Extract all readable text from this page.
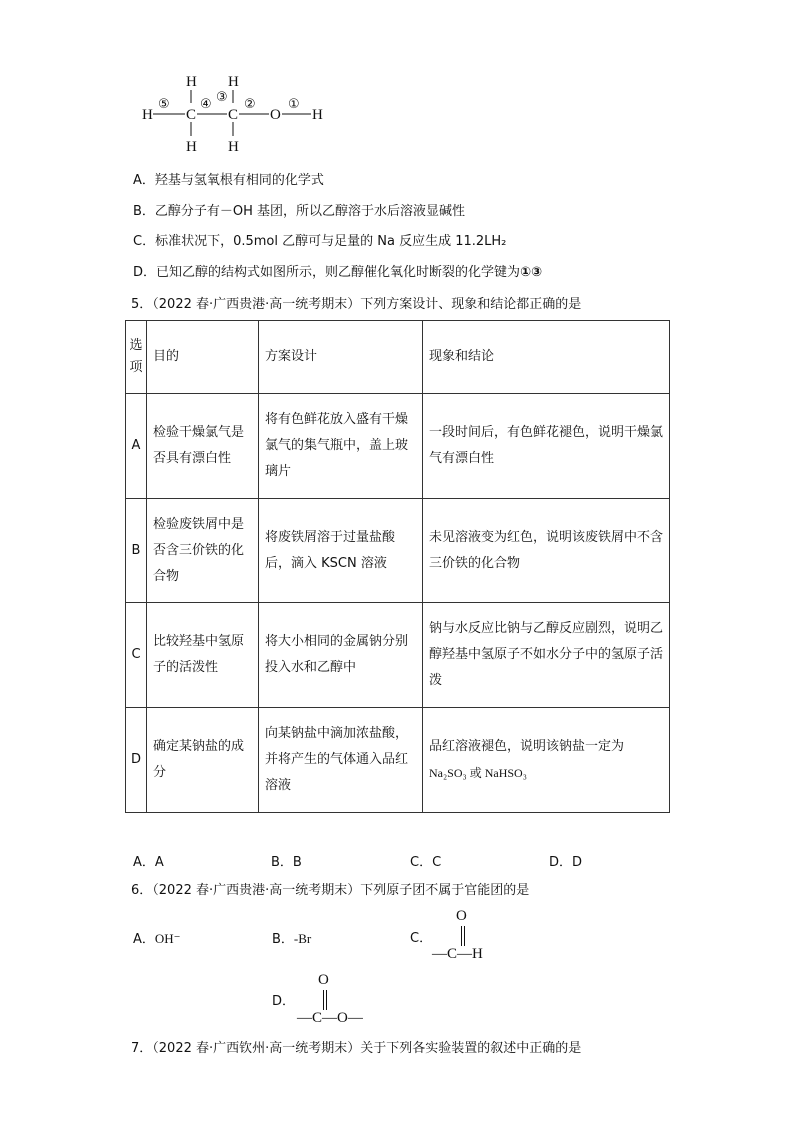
H C C O H
H H
H H
⑤ ④ ③ ② ①
A．羟基与氢氧根有相同的化学式
B．乙醇分子有－OH 基团，所以乙醇溶于水后溶液显碱性
C．标准状况下，0.5mol 乙醇可与足量的 Na 反应生成 11.2LH₂
D．已知乙醇的结构式如图所示，则乙醇催化氧化时断裂的化学键为①③
5．（2022 春·广西贵港·高一统考期末）下列方案设计、现象和结论都正确的是
选项	目的	方案设计	现象和结论
A	检验干燥氯气是否具有漂白性	将有色鲜花放入盛有干燥氯气的集气瓶中，盖上玻璃片	一段时间后，有色鲜花褪色，说明干燥氯气有漂白性
B	检验废铁屑中是否含三价铁的化合物	将废铁屑溶于过量盐酸后，滴入 KSCN 溶液	未见溶液变为红色，说明该废铁屑中不含三价铁的化合物
C	比较羟基中氢原子的活泼性	将大小相同的金属钠分别投入水和乙醇中	钠与水反应比钠与乙醇反应剧烈，说明乙醇羟基中氢原子不如水分子中的氢原子活泼
D	确定某钠盐的成分	向某钠盐中滴加浓盐酸，并将产生的气体通入品红溶液	品红溶液褪色，说明该钠盐一定为
Na₂SO₃ 或 NaHSO₃
A．A	B．B	C．C	D．D
6．（2022 春·广西贵港·高一统考期末）下列原子团不属于官能团的是
A．OH⁻	B．-Br	C．
O
—C—H
D．
O
—C—O—
7．（2022 春·广西钦州·高一统考期末）关于下列各实验装置的叙述中正确的是
